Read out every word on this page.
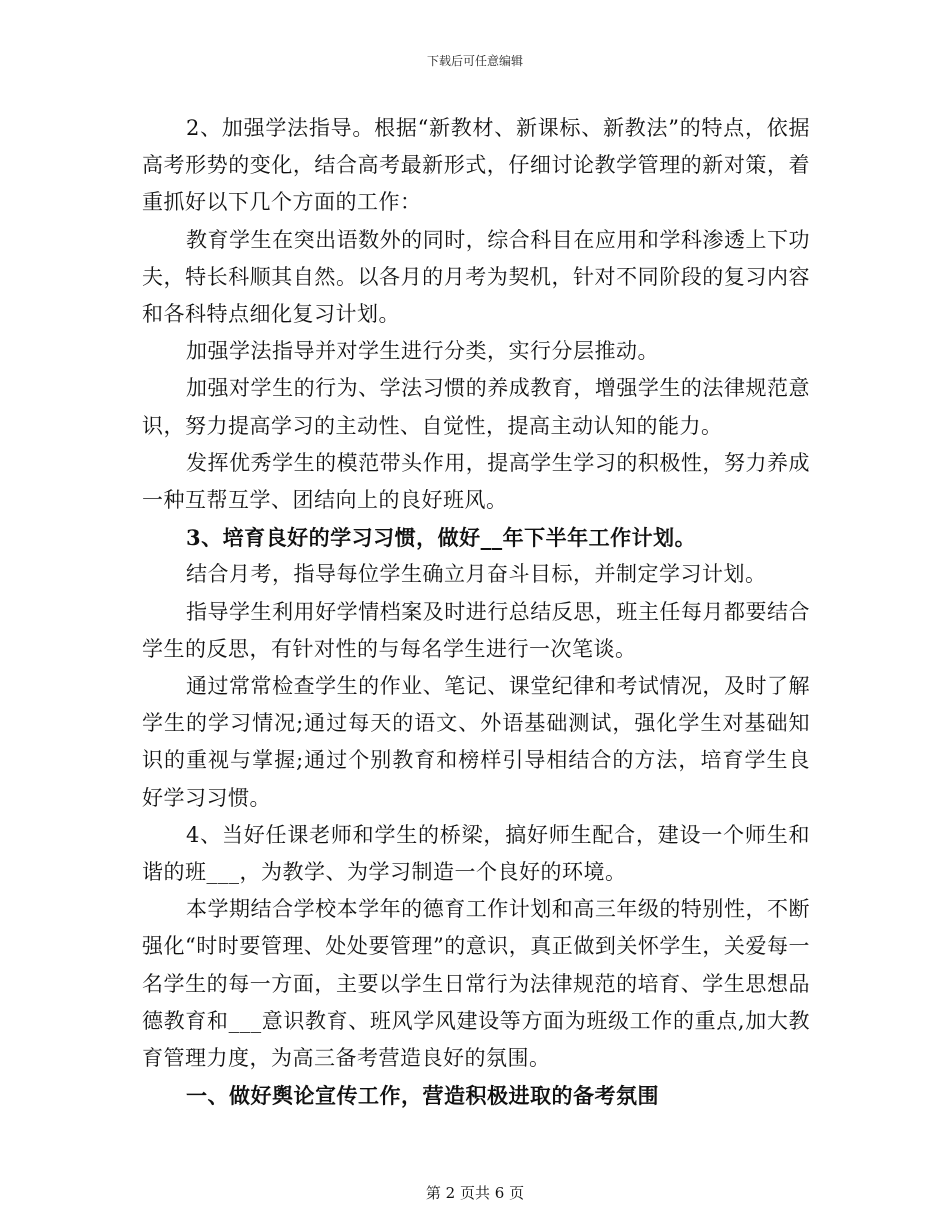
下载后可任意编辑

2、加强学法指导。根据“新教材、新课标、新教法”的特点，依据高考形势的变化，结合高考最新形式，仔细讨论教学管理的新对策，着重抓好以下几个方面的工作：

教育学生在突出语数外的同时，综合科目在应用和学科渗透上下功夫，特长科顺其自然。以各月的月考为契机，针对不同阶段的复习内容和各科特点细化复习计划。

加强学法指导并对学生进行分类，实行分层推动。

加强对学生的行为、学法习惯的养成教育，增强学生的法律规范意识，努力提高学习的主动性、自觉性，提高主动认知的能力。

发挥优秀学生的模范带头作用，提高学生学习的积极性，努力养成一种互帮互学、团结向上的良好班风。

3、培育良好的学习习惯，做好__年下半年工作计划。

结合月考，指导每位学生确立月奋斗目标，并制定学习计划。

指导学生利用好学情档案及时进行总结反思，班主任每月都要结合学生的反思，有针对性的与每名学生进行一次笔谈。

通过常常检查学生的作业、笔记、课堂纪律和考试情况，及时了解学生的学习情况;通过每天的语文、外语基础测试，强化学生对基础知识的重视与掌握;通过个别教育和榜样引导相结合的方法，培育学生良好学习习惯。

4、当好任课老师和学生的桥梁，搞好师生配合，建设一个师生和谐的班___，为教学、为学习制造一个良好的环境。

本学期结合学校本学年的德育工作计划和高三年级的特别性，不断强化“时时要管理、处处要管理”的意识，真正做到关怀学生，关爱每一名学生的每一方面，主要以学生日常行为法律规范的培育、学生思想品德教育和___意识教育、班风学风建设等方面为班级工作的重点,加大教育管理力度，为高三备考营造良好的氛围。

一、做好舆论宣传工作，营造积极进取的备考氛围

第 2 页共 6 页
